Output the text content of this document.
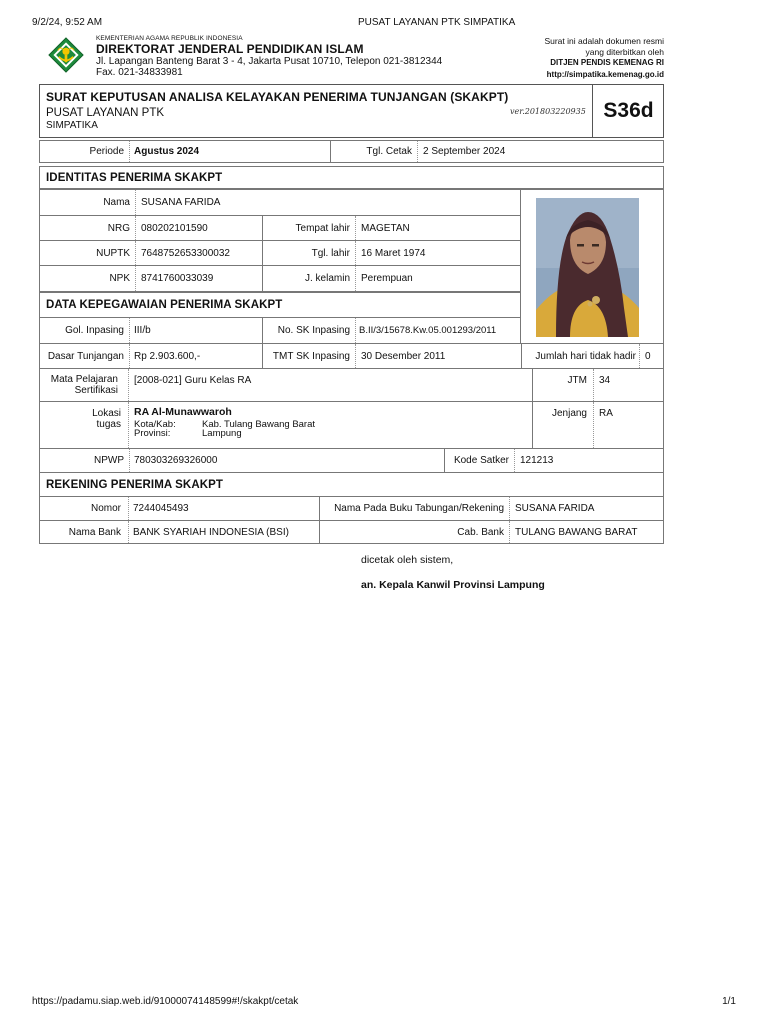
9/2/24, 9:52 AM	PUSAT LAYANAN PTK SIMPATIKA
KEMENTERIAN AGAMA REPUBLIK INDONESIA
DIREKTORAT JENDERAL PENDIDIKAN ISLAM
Jl. Lapangan Banteng Barat 3 - 4, Jakarta Pusat 10710, Telepon 021-3812344
Fax. 021-34833981
Surat ini adalah dokumen resmi
yang diterbitkan oleh
DITJEN PENDIS KEMENAG RI
http://simpatika.kemenag.go.id
SURAT KEPUTUSAN ANALISA KELAYAKAN PENERIMA TUNJANGAN (SKAKPT)
PUSAT LAYANAN PTK
SIMPATIKA
ver.201803220935 S36d
Periode	Agustus 2024	Tgl. Cetak	2 September 2024
IDENTITAS PENERIMA SKAKPT
Nama	SUSANA FARIDA
NRG	080202101590	Tempat lahir	MAGETAN
NUPTK	7648752653300032	Tgl. lahir	16 Maret 1974
NPK	8741760033039	J. kelamin	Perempuan
DATA KEPEGAWAIAN PENERIMA SKAKPT
Gol. Inpasing	III/b	No. SK Inpasing B.II/3/15678.Kw.05.001293/2011
Dasar Tunjangan	Rp 2.903.600,-	TMT SK Inpasing	30 Desember 2011	Jumlah hari tidak hadir 0
Mata Pelajaran
Sertifikasi
[2008-021] Guru Kelas RA	JTM	34
Lokasi
tugas
RA Al-Munawwaroh
Kota/Kab:	Kab. Tulang Bawang Barat
Provinsi:	Lampung
Jenjang	RA
NPWP	780303269326000	Kode Satker	121213
REKENING PENERIMA SKAKPT
Nomor	7244045493	Nama Pada Buku Tabungan/Rekening	SUSANA FARIDA
Nama Bank	BANK SYARIAH INDONESIA (BSI)	Cab. Bank	TULANG BAWANG BARAT
dicetak oleh sistem,
an. Kepala Kanwil Provinsi Lampung
https://padamu.siap.web.id/91000074148599#!/skakpt/cetak	1/1
